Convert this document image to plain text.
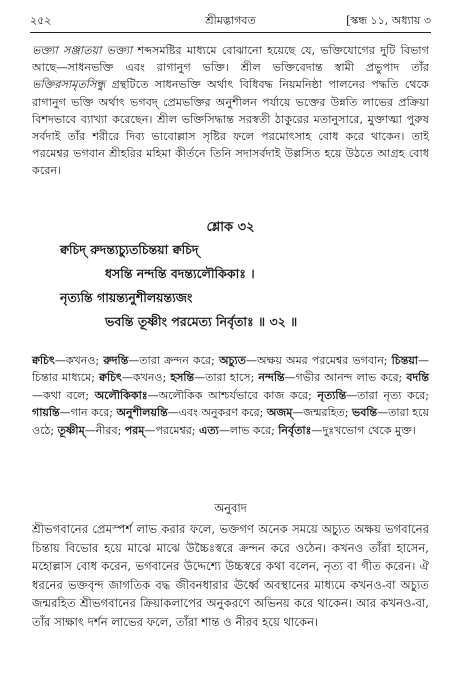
২৫২	শ্রীমদ্ভাগবত	[স্কন্ধ ১১, অধ্যায় ৩

ভক্ত্যা সঞ্জাতয়া ভক্ত্যা শব্দসমষ্টির মাধ্যমে বোঝানো হয়েছে যে, ভক্তিযোগের দুটি বিভাগ আছে—সাধনভক্তি এবং রাগানুগ ভক্তি। শ্রীল ভক্তিবেদান্ত স্বামী প্রভুপাদ তাঁর ভক্তিরসামৃতসিন্ধু গ্রন্থটিতে সাধনভক্তি অর্থাৎ বিধিবদ্ধ নিয়মনিষ্ঠা পালনের পদ্ধতি থেকে রাগানুগ ভক্তি অর্থাৎ ভগবদ্ প্রেমভক্তির অনুশীলন পর্যায়ে ভক্তের উন্নতি লাভের প্রক্রিয়া বিশদভাবে ব্যাখ্যা করেছেন। শ্রীল ভক্তিসিদ্ধান্ত সরস্বতী ঠাকুরের মতানুসারে, মুক্তাত্মা পুরুষ সর্বদাই তাঁর শরীরে দিব্য ভাবোল্লাস সৃষ্টির ফলে পরমোৎসাহ বোধ করে থাকেন। তাই পরমেশ্বর ভগবান শ্রীহরির মহিমা কীর্তনে তিনি সদাসর্বদাই উল্লসিত হয়ে উঠতে আগ্রহ বোধ করেন।

শ্লোক ৩২
ক্বচিদ্ রুদন্ত্যচ্যুতচিন্তয়া ক্বচিদ্
ধসন্তি নন্দন্তি বদন্ত্যলৌকিকাঃ ।
নৃত্যন্তি গায়ন্ত্যনুশীলয়ন্ত্যজং
ভবন্তি তূষ্ণীং পরমেত্য নির্বৃতাঃ ॥ ৩২ ॥

ক্বচিৎ—কখনও; রুদন্তি—তারা ক্রন্দন করে; অচ্যুত—অক্ষয় অমর পরমেশ্বর ভগবান; চিন্তয়া—চিন্তার মাধ্যমে; ক্বচিৎ—কখনও; হসন্তি—তারা হাসে; নন্দন্তি—গভীর আনন্দ লাভ করে; বদন্তি—কথা বলে; অলৌকিকাঃ—অলৌকিক আশ্চর্যভাবে কাজ করে; নৃত্যন্তি—তারা নৃত্য করে; গায়ন্তি—গান করে; অনুশীলয়ন্তি—এবং অনুকরণ করে; অজম্—জন্মরহিত; ভবন্তি—তারা হয়ে ওঠে; তূষ্ণীম্—নীরব; পরম্—পরমেশ্বর; এত্য—লাভ করে; নির্বৃতাঃ—দুঃখভোগ থেকে মুক্ত।

অনুবাদ

শ্রীভগবানের প্রেমস্পর্শ লাভ করার ফলে, ভক্তগণ অনেক সময়ে অচ্যুত অক্ষয় ভগবানের চিন্তায় বিভোর হয়ে মাঝে মাঝে উচ্চৈঃস্বরে ক্রন্দন করে ওঠেন। কখনও তাঁরা হাসেন, মহোল্লাস বোধ করেন, ভগবানের উদ্দেশ্যে উচ্চস্বরে কথা বলেন, নৃত্য বা গীত করেন। ঐ ধরনের ভক্তবৃন্দ জাগতিক বদ্ধ জীবনধারার ঊর্ধ্বে অবস্থানের মাধ্যমে কখনও-বা অচ্যুত জন্মরহিত শ্রীভগবানের ক্রিয়াকলাপের অনুকরণে অভিনয় করে থাকেন। আর কখনও-বা, তাঁর সাক্ষাৎ দর্শন লাভের ফলে, তাঁরা শান্ত ও নীরব হয়ে থাকেন।
